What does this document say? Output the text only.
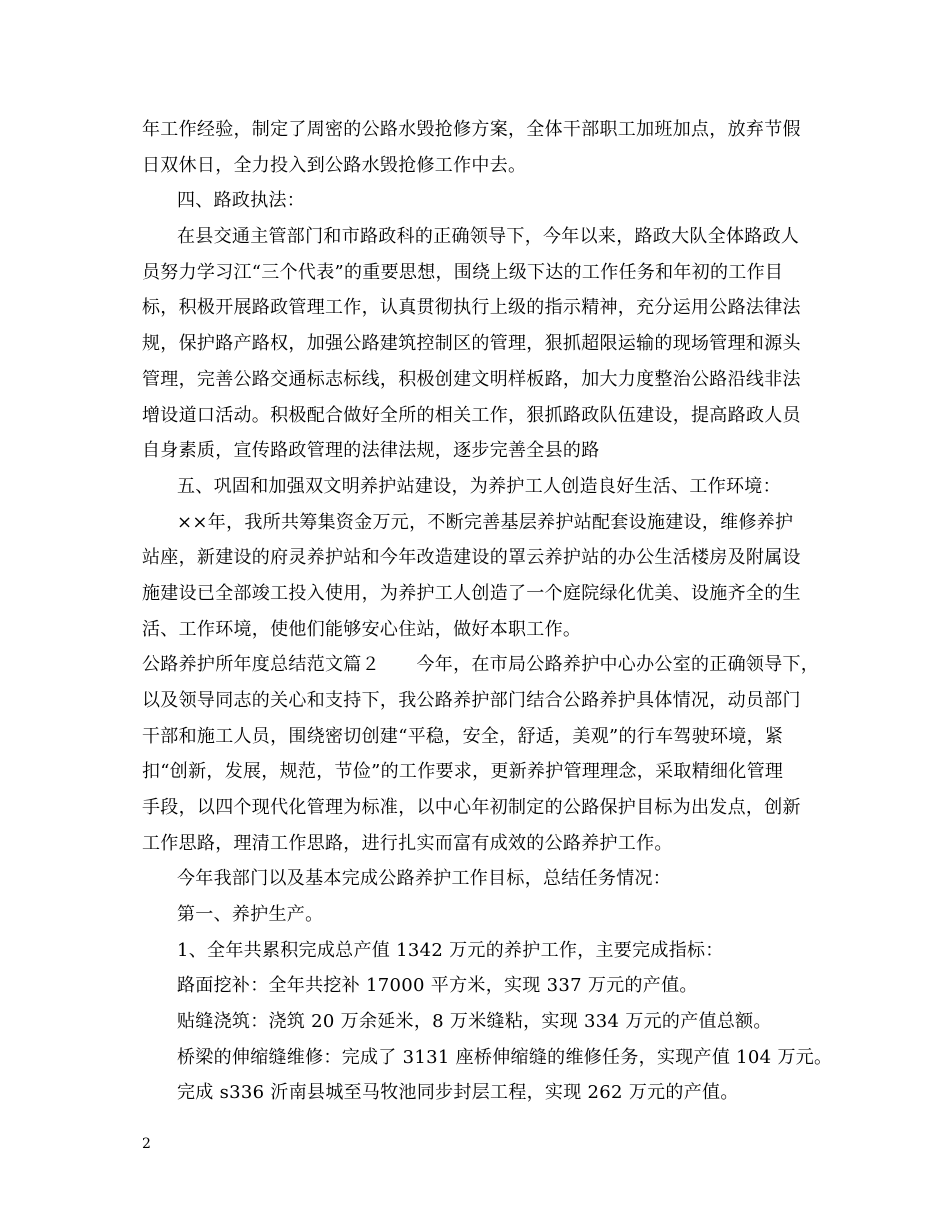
年工作经验，制定了周密的公路水毁抢修方案，全体干部职工加班加点，放弃节假
日双休日，全力投入到公路水毁抢修工作中去。
四、路政执法：
在县交通主管部门和市路政科的正确领导下，今年以来，路政大队全体路政人
员努力学习江“三个代表”的重要思想，围绕上级下达的工作任务和年初的工作目
标，积极开展路政管理工作，认真贯彻执行上级的指示精神，充分运用公路法律法
规，保护路产路权，加强公路建筑控制区的管理，狠抓超限运输的现场管理和源头
管理，完善公路交通标志标线，积极创建文明样板路，加大力度整治公路沿线非法
增设道口活动。积极配合做好全所的相关工作，狠抓路政队伍建设，提高路政人员
自身素质，宣传路政管理的法律法规，逐步完善全县的路
五、巩固和加强双文明养护站建设，为养护工人创造良好生活、工作环境：
××年，我所共筹集资金万元，不断完善基层养护站配套设施建设，维修养护
站座，新建设的府灵养护站和今年改造建设的罩云养护站的办公生活楼房及附属设
施建设已全部竣工投入使用，为养护工人创造了一个庭院绿化优美、设施齐全的生
活、工作环境，使他们能够安心住站，做好本职工作。
公路养护所年度总结范文篇２　　今年，在市局公路养护中心办公室的正确领导下，
以及领导同志的关心和支持下，我公路养护部门结合公路养护具体情况，动员部门
干部和施工人员，围绕密切创建“平稳，安全，舒适，美观”的行车驾驶环境，紧
扣“创新，发展，规范，节俭”的工作要求，更新养护管理理念，采取精细化管理
手段，以四个现代化管理为标准，以中心年初制定的公路保护目标为出发点，创新
工作思路，理清工作思路，进行扎实而富有成效的公路养护工作。
今年我部门以及基本完成公路养护工作目标，总结任务情况：
第一、养护生产。
1、全年共累积完成总产值 1342 万元的养护工作，主要完成指标：
路面挖补：全年共挖补 17000 平方米，实现 337 万元的产值。
贴缝浇筑：浇筑 20 万余延米，8 万米缝粘，实现 334 万元的产值总额。
桥梁的伸缩缝维修：完成了 3131 座桥伸缩缝的维修任务，实现产值 104 万元。
完成 s336 沂南县城至马牧池同步封层工程，实现 262 万元的产值。
2
